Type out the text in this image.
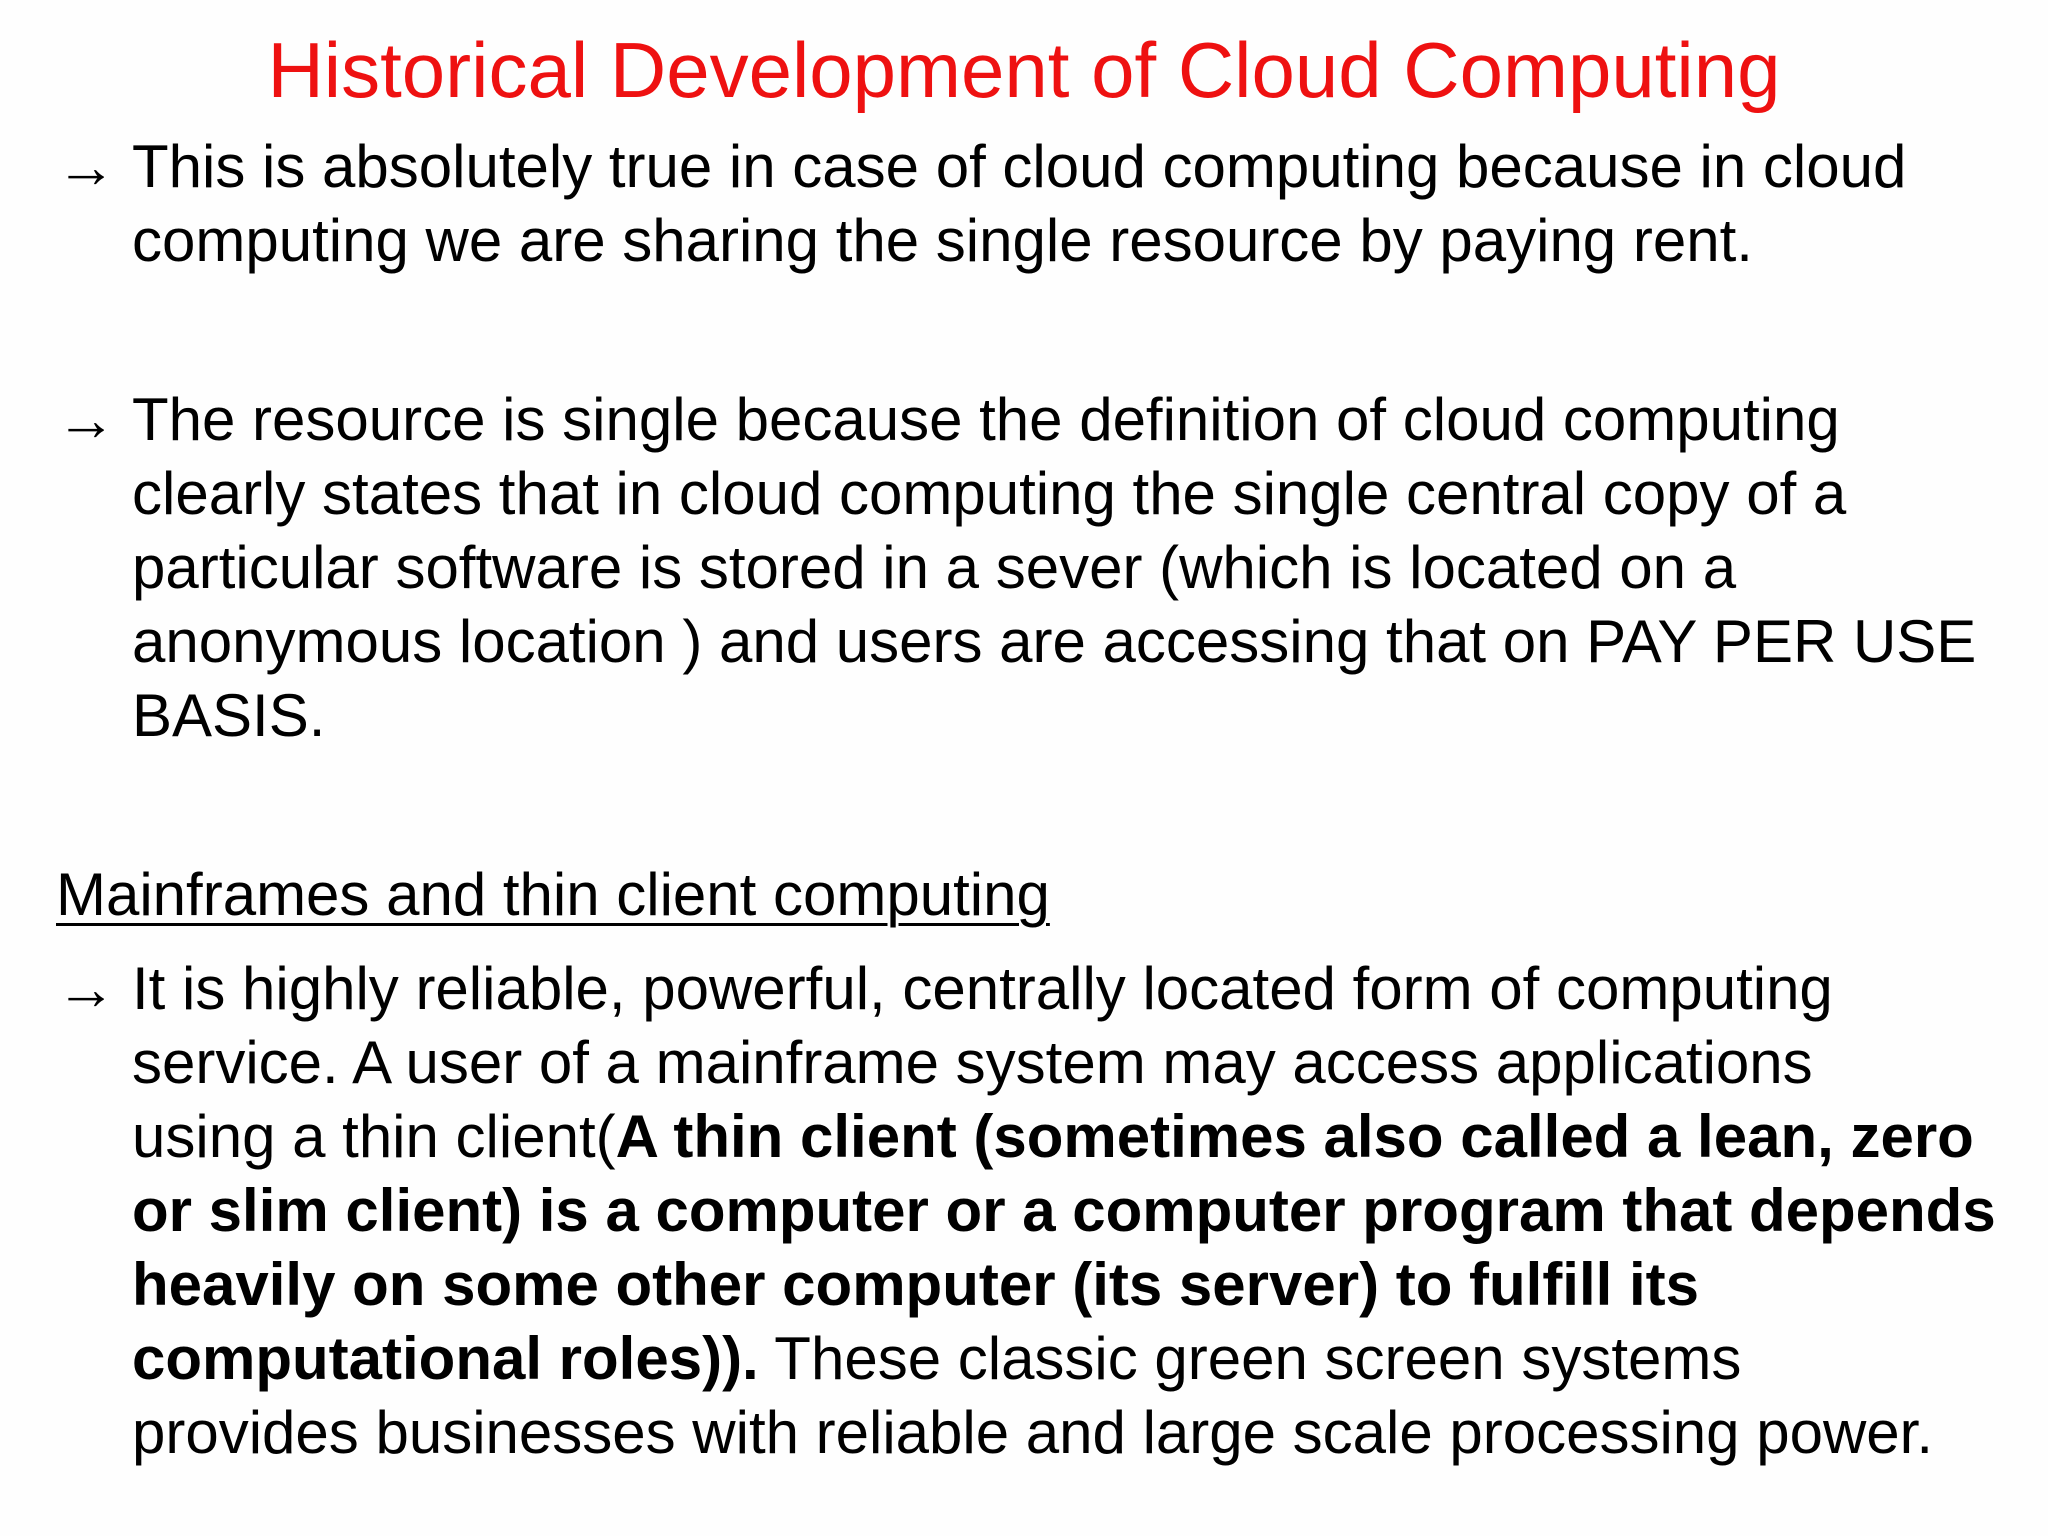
Historical Development of Cloud Computing
→ This is absolutely true in case of cloud computing because in cloud
computing we are sharing the single resource by paying rent.
→ The resource is single because the definition of cloud computing
clearly states that in cloud computing the single central copy of a
particular software is stored in a sever (which is located on a
anonymous location ) and users are accessing that on PAY PER USE
BASIS.
Mainframes and thin client computing
→ It is highly reliable, powerful, centrally located form of computing
service. A user of a mainframe system may access applications
using a thin client(A thin client (sometimes also called a lean, zero
or slim client) is a computer or a computer program that depends
heavily on some other computer (its server) to fulfill its
computational roles)). These classic green screen systems
provides businesses with reliable and large scale processing power.
